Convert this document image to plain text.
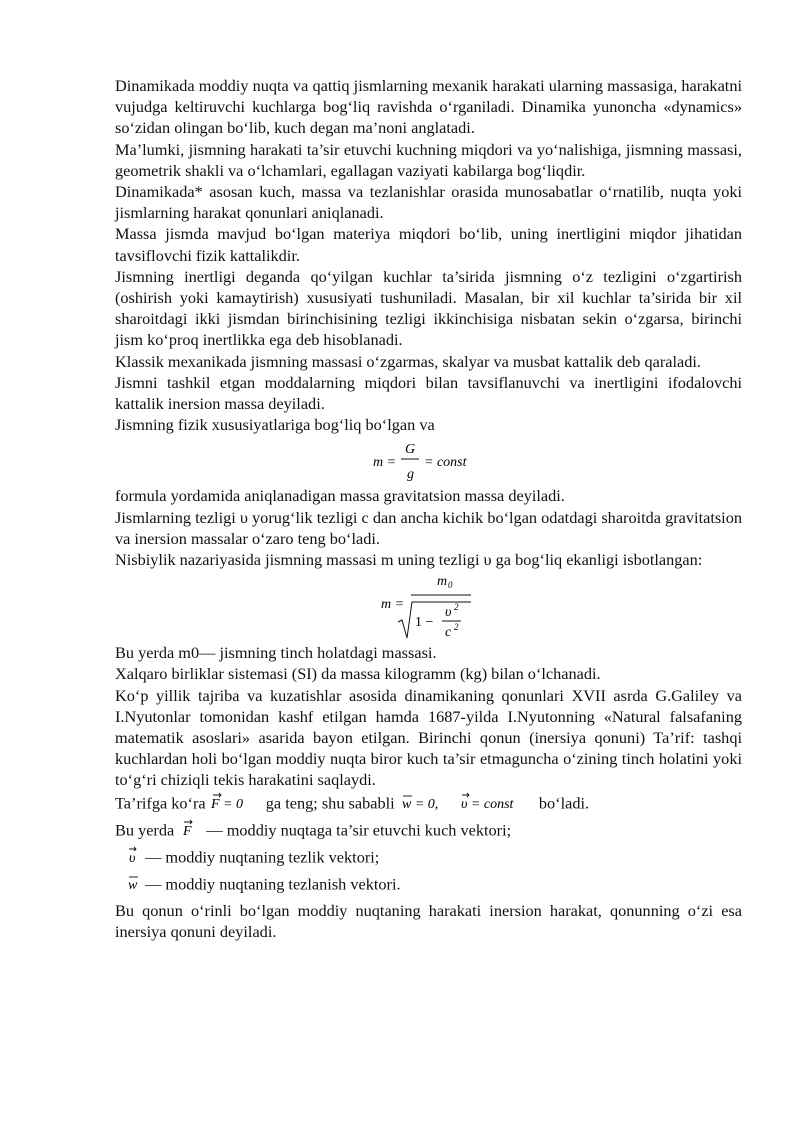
Dinamikada moddiy nuqta va qattiq jismlarning mexanik harakati ularning massasiga, harakatni vujudga keltiruvchi kuchlarga bog‘liq ravishda o‘rganiladi. Dinamika yunoncha «dynamics» so‘zidan olingan bo‘lib, kuch degan ma’noni anglatadi.

Ma’lumki, jismning harakati ta’sir etuvchi kuchning miqdori va yo‘nalishiga, jismning massasi, geometrik shakli va o‘lchamlari, egallagan vaziyati kabilarga bog‘liqdir.

Dinamikada* asosan kuch, massa va tezlanishlar orasida munosabatlar o‘rnatilib, nuqta yoki jismlarning harakat qonunlari aniqlanadi.

Massa jismda mavjud bo‘lgan materiya miqdori bo‘lib, uning inertligini miqdor jihatidan tavsiflovchi fizik kattalikdir.

Jismning inertligi deganda qo‘yilgan kuchlar ta’sirida jismning o‘z tezligini o‘zgartirish (oshirish yoki kamaytirish) xususiyati tushuniladi. Masalan, bir xil kuchlar ta’sirida bir xil sharoitdagi ikki jismdan birinchisining tezligi ikkinchisiga nisbatan sekin o‘zgarsa, birinchi jism ko‘proq inertlikka ega deb hisoblanadi.

Klassik mexanikada jismning massasi o‘zgarmas, skalyar va musbat kattalik deb qaraladi.

Jismni tashkil etgan moddalarning miqdori bilan tavsiflanuvchi va inertligini ifodalovchi kattalik inersion massa deyiladi.

Jismning fizik xususiyatlariga bog‘liq bo‘lgan va

m =
G
g
= const

formula yordamida aniqlanadigan massa gravitatsion massa deyiladi.

Jismlarning tezligi υ yorug‘lik tezligi c dan ancha kichik bo‘lgan odatdagi sharoitda gravitatsion va inersion massalar o‘zaro teng bo‘ladi.

Nisbiylik nazariyasida jismning massasi m uning tezligi υ ga bog‘liq ekanligi isbotlangan:

m =
m 0
1 −
υ 2
c 2

Bu yerda m0— jismning tinch holatdagi massasi.

Xalqaro birliklar sistemasi (SI) da massa kilogramm (kg) bilan o‘lchanadi.

Ko‘p yillik tajriba va kuzatishlar asosida dinamikaning qonunlari XVII asrda G.Galiley va I.Nyutonlar tomonidan kashf etilgan hamda 1687-yilda I.Nyutonning «Natural falsafaning matematik asoslari» asarida bayon etilgan. Birinchi qonun (inersiya qonuni) Ta’rif: tashqi kuchlardan holi bo‘lgan moddiy nuqta biror kuch ta’sir etmaguncha o‘zining tinch holatini yoki to‘g‘ri chiziqli tekis harakatini saqlaydi.

Ta’rifga ko‘ra F = 0 ga teng; shu sababli w = 0,
υ = const bo‘ladi.

Bu yerda F — moddiy nuqtaga ta’sir etuvchi kuch vektori;

υ — moddiy nuqtaning tezlik vektori;

w — moddiy nuqtaning tezlanish vektori.

Bu qonun o‘rinli bo‘lgan moddiy nuqtaning harakati inersion harakat, qonunning o‘zi esa inersiya qonuni deyiladi.
